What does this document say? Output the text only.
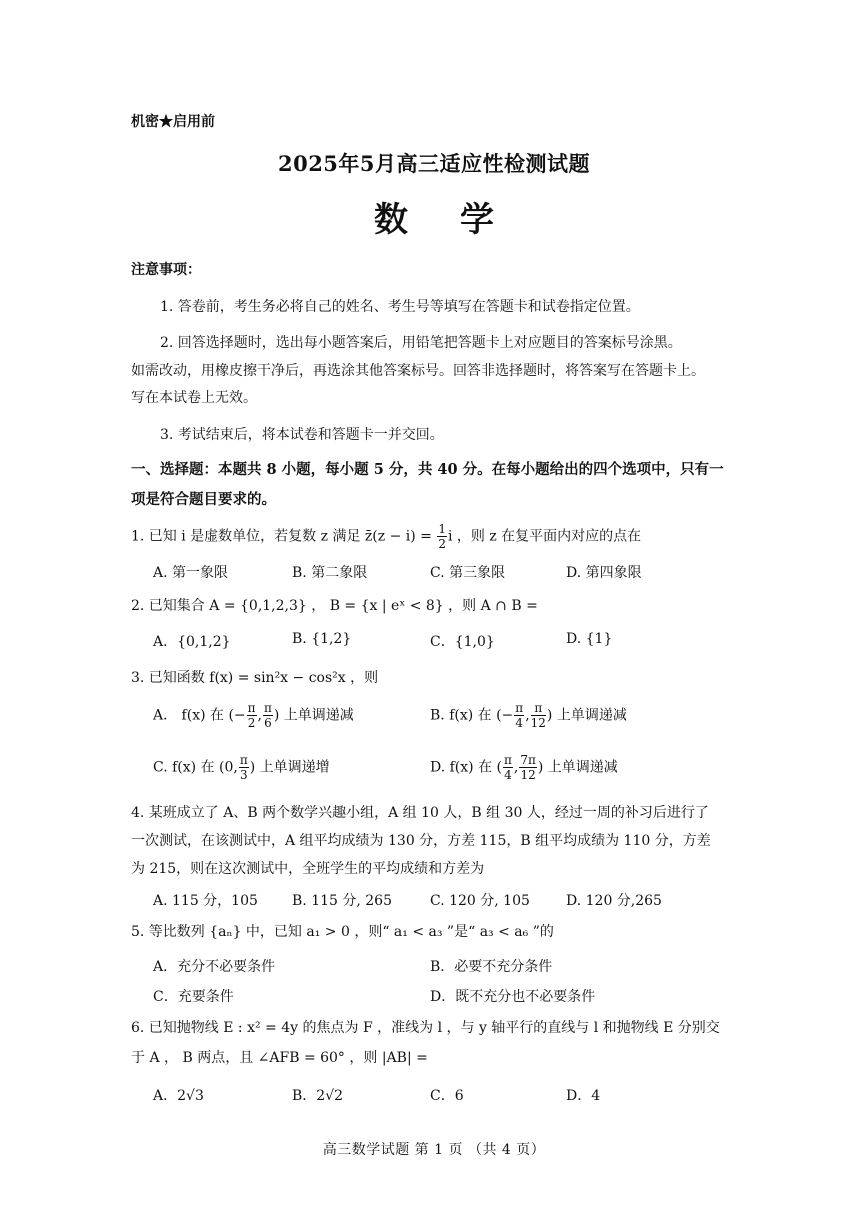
机密★启用前
2025年5月高三适应性检测试题
数学
注意事项：
1. 答卷前，考生务必将自己的姓名、考生号等填写在答题卡和试卷指定位置。
2. 回答选择题时，选出每小题答案后，用铅笔把答题卡上对应题目的答案标号涂黑。
如需改动，用橡皮擦干净后，再选涂其他答案标号。回答非选择题时，将答案写在答题卡上。
写在本试卷上无效。
3. 考试结束后，将本试卷和答题卡一并交回。
一、选择题：本题共 8 小题，每小题 5 分，共 40 分。在每小题给出的四个选项中，只有一
项是符合题目要求的。
1. 已知 i 是虚数单位，若复数 z 满足 z̄(z − $i) = \frac{1}{2}$ i ，则 z 在复平面内对应的点在
A. 第一象限	B. 第二象限	C. 第三象限	D. 第四象限
2. 已知集合 A = {0,1,2,3} ， B = {x | eˣ < 8} ，则 A ∩ B =
A．{0,1,2}	B. {1,2}	C．{1,0}	D. {1}
3. 已知函数 f(x) = sin²x − cos²x ，则
A． f(x) 在 (− $\frac{\pi}{2}$ , $\frac{\pi}{6}$ ) 上单调递减	B. f(x) 在 (− $\frac{\pi}{4}$ , $\frac{\pi}{12}$ ) 上单调递减
C. f(x) 在 (0, $\frac{\pi}{3}$ ) 上单调递增	D. f(x) 在 ( $\frac{\pi}{4}$ , $\frac{7\pi}{12}$ ) 上单调递减
4. 某班成立了 A、B 两个数学兴趣小组，A 组 10 人，B 组 30 人，经过一周的补习后进行了
一次测试，在该测试中，A 组平均成绩为 130 分，方差 115，B 组平均成绩为 110 分，方差
为 215，则在这次测试中，全班学生的平均成绩和方差为
A. 115 分，105 B. 115 分, 265	C. 120 分, 105	D. 120 分,265
5. 等比数列 {aₙ} 中，已知 a₁ > 0 ，则“ a₁ < a₃ ”是“ a₃ < a₆ ”的
A．充分不必要条件	B．必要不充分条件
C．充要条件	D．既不充分也不必要条件
6. 已知抛物线 E : x² = 4y 的焦点为 F ，准线为 l ，与 y 轴平行的直线与 l 和抛物线 E 分别交
于 A ， B 两点，且 ∠AFB = 60° ，则 |AB| =
A．2√3	B．2√2	C．6	D．4
高三数学试题 第 1 页 （共 4 页）
